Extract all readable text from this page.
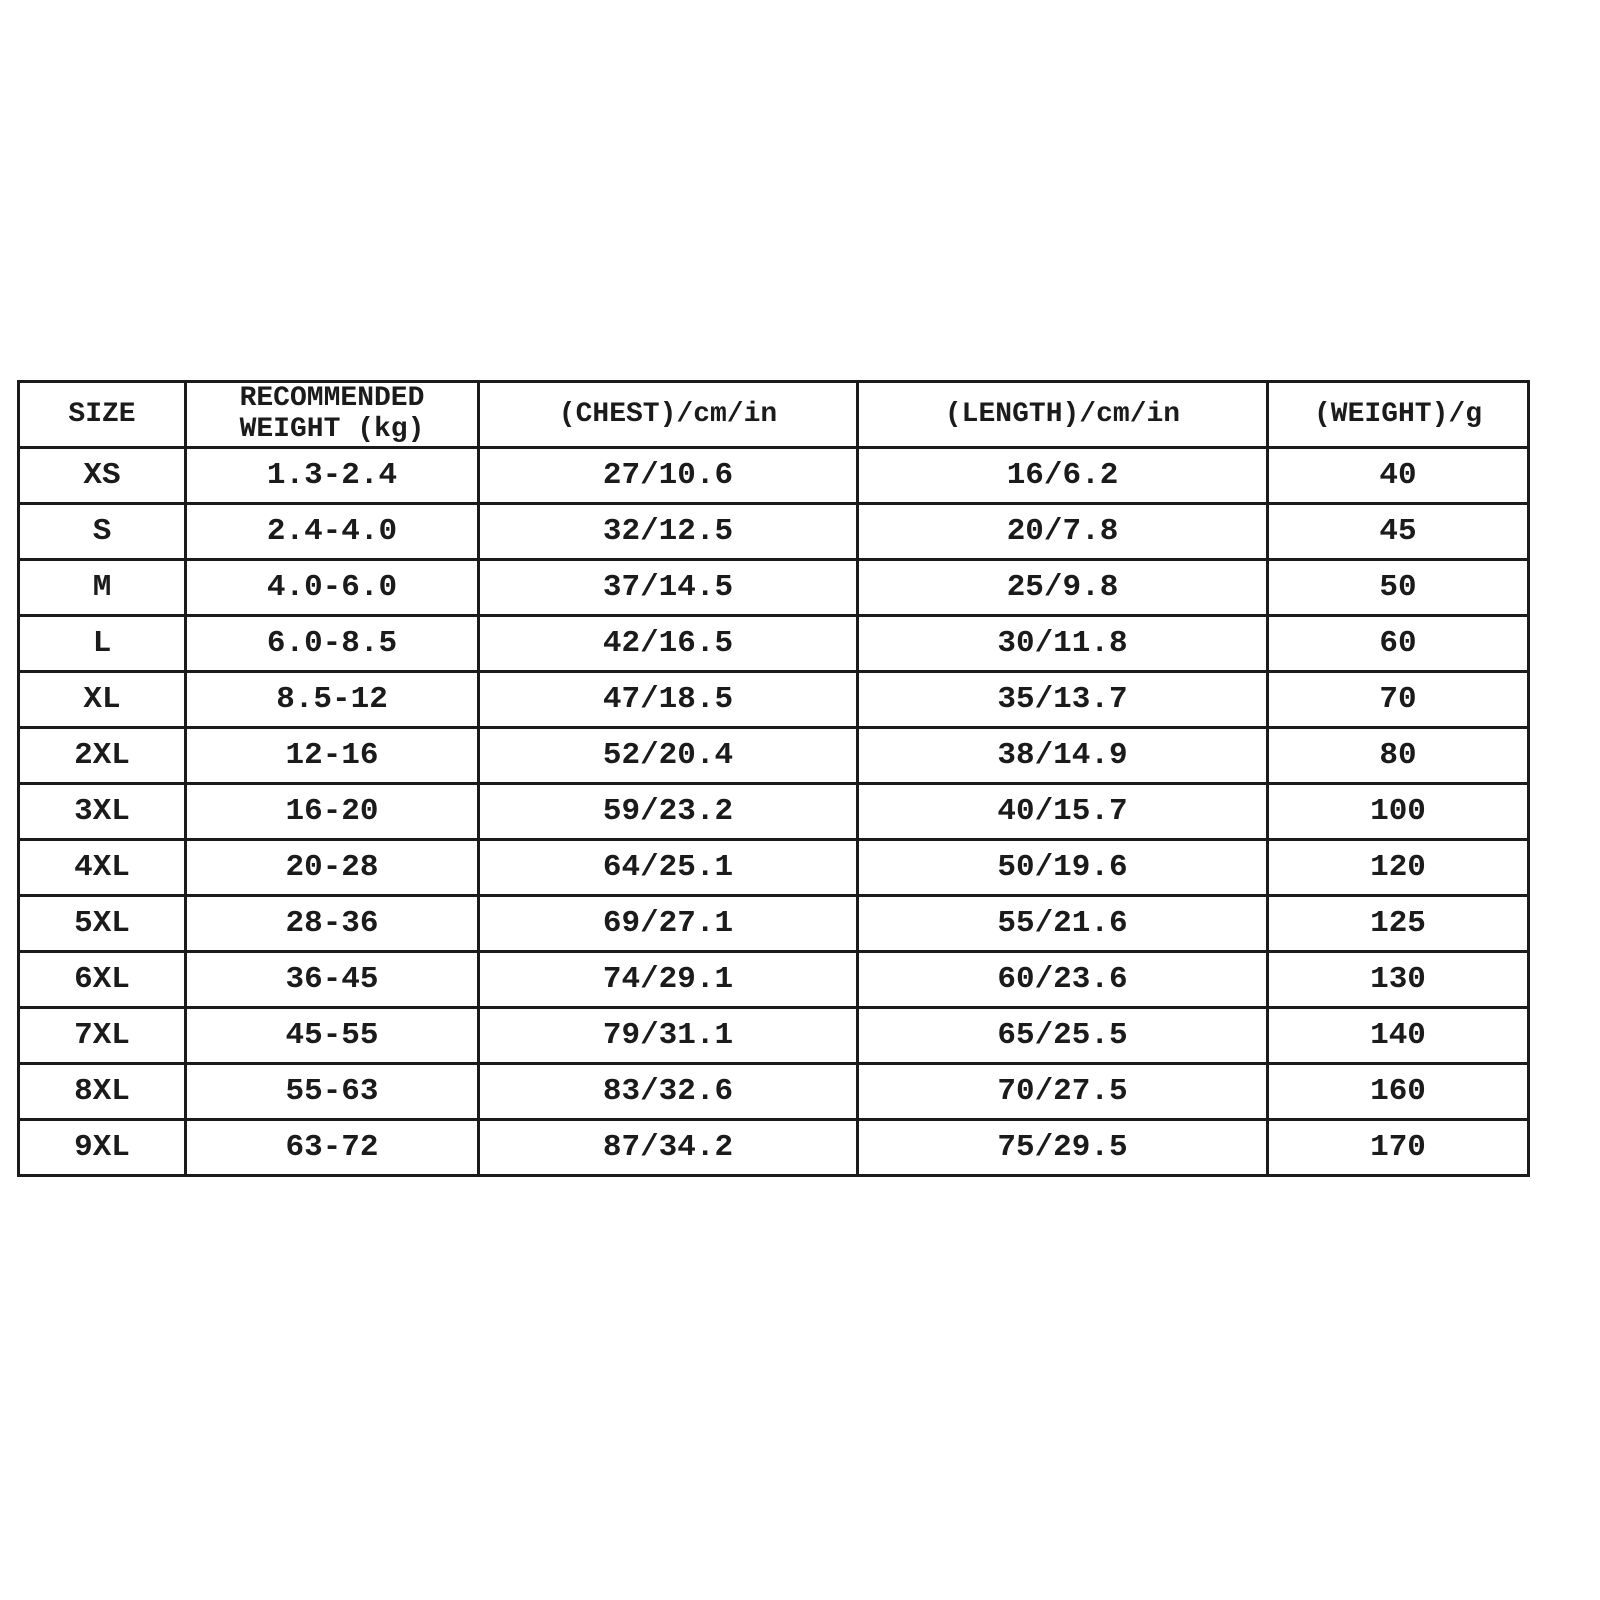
SIZE	RECOMMENDED WEIGHT (kg)	(CHEST)/cm/in	(LENGTH)/cm/in	(WEIGHT)/g
XS	1.3-2.4	27/10.6	16/6.2	40
S	2.4-4.0	32/12.5	20/7.8	45
M	4.0-6.0	37/14.5	25/9.8	50
L	6.0-8.5	42/16.5	30/11.8	60
XL	8.5-12	47/18.5	35/13.7	70
2XL	12-16	52/20.4	38/14.9	80
3XL	16-20	59/23.2	40/15.7	100
4XL	20-28	64/25.1	50/19.6	120
5XL	28-36	69/27.1	55/21.6	125
6XL	36-45	74/29.1	60/23.6	130
7XL	45-55	79/31.1	65/25.5	140
8XL	55-63	83/32.6	70/27.5	160
9XL	63-72	87/34.2	75/29.5	170
